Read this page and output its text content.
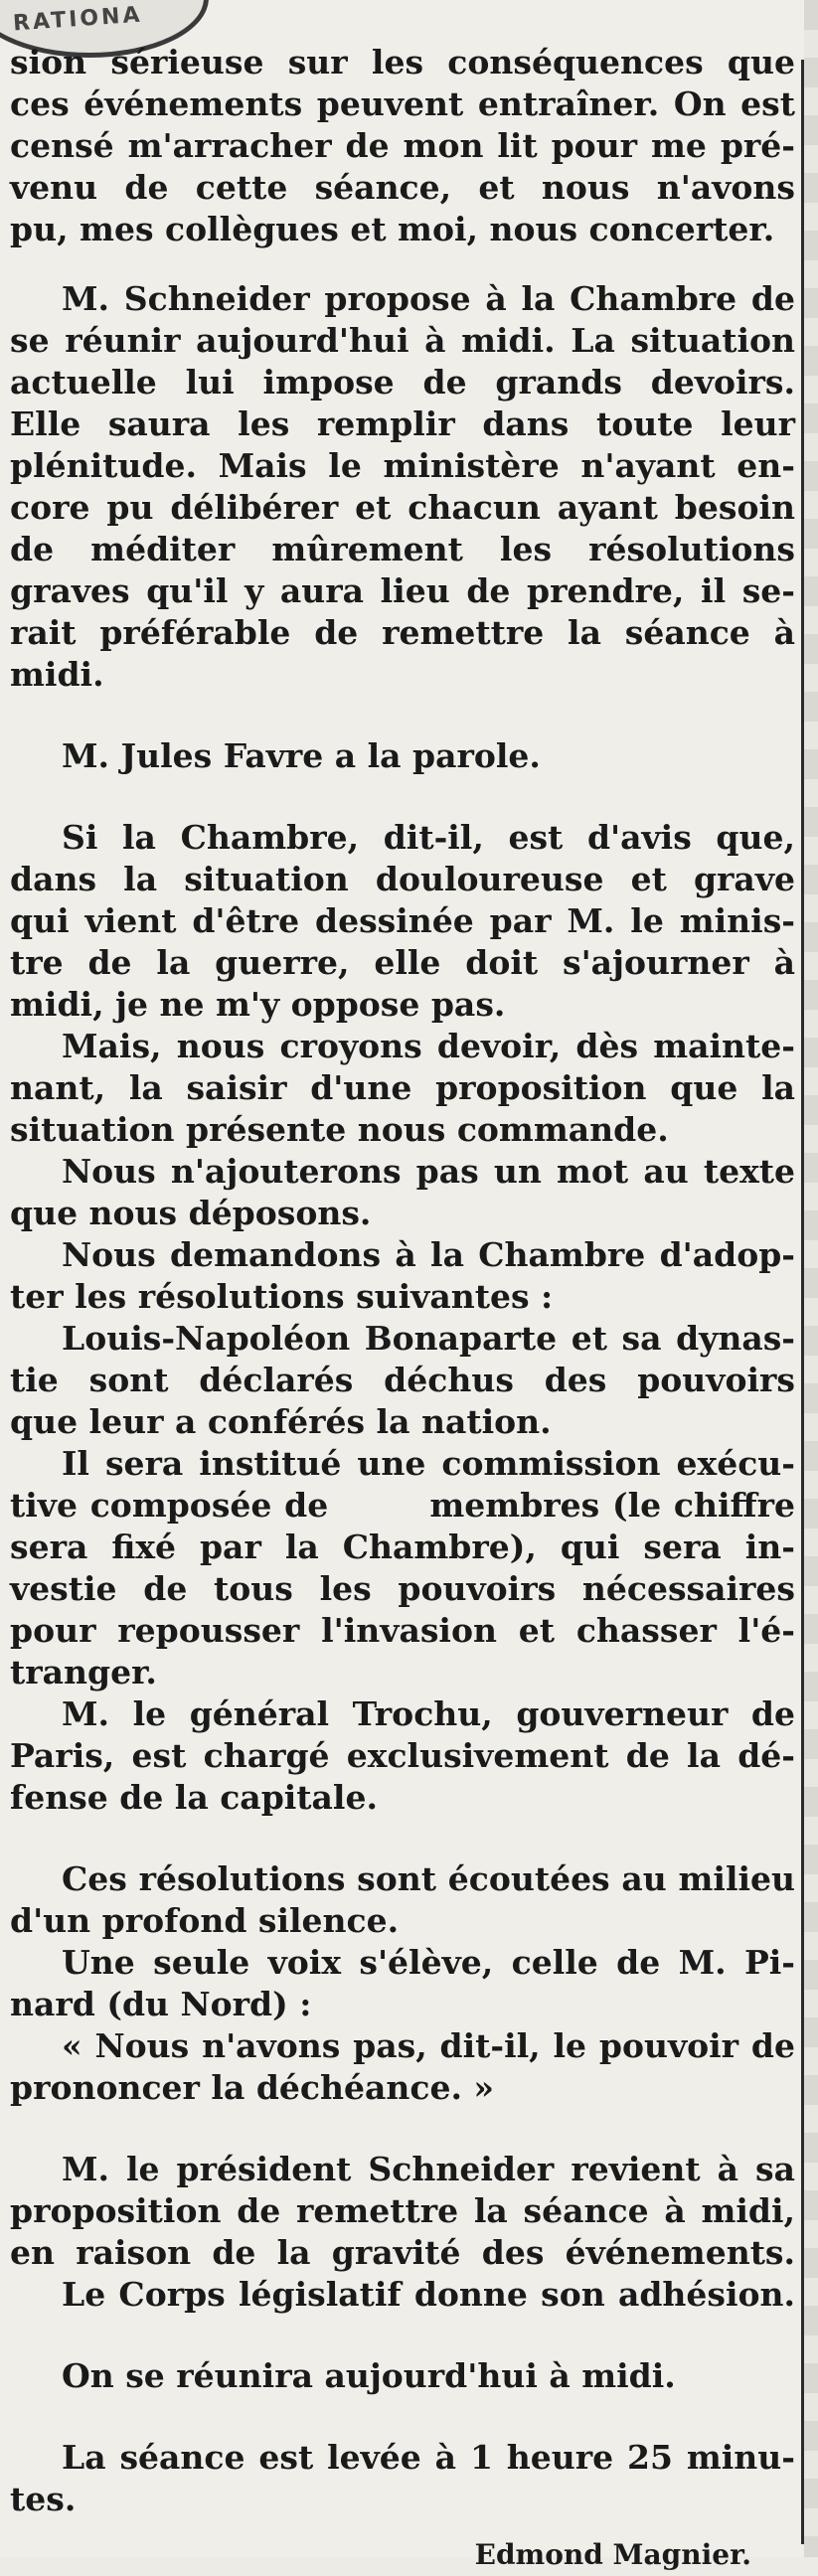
RATIONA
sion sérieuse sur les conséquences que
ces événements peuvent entraîner. On est
censé m'arracher de mon lit pour me pré-
venu de cette séance, et nous n'avons
pu, mes collègues et moi, nous concerter.
M. Schneider propose à la Chambre de
se réunir aujourd'hui à midi. La situation
actuelle lui impose de grands devoirs.
Elle saura les remplir dans toute leur
plénitude. Mais le ministère n'ayant en-
core pu délibérer et chacun ayant besoin
de méditer mûrement les résolutions
graves qu'il y aura lieu de prendre, il se-
rait préférable de remettre la séance à
midi.
M. Jules Favre a la parole.
Si la Chambre, dit-il, est d'avis que,
dans la situation douloureuse et grave
qui vient d'être dessinée par M. le minis-
tre de la guerre, elle doit s'ajourner à
midi, je ne m'y oppose pas.
Mais, nous croyons devoir, dès mainte-
nant, la saisir d'une proposition que la
situation présente nous commande.
Nous n'ajouterons pas un mot au texte
que nous déposons.
Nous demandons à la Chambre d'adop-
ter les résolutions suivantes :
Louis-Napoléon Bonaparte et sa dynas-
tie sont déclarés déchus des pouvoirs
que leur a conférés la nation.
Il sera institué une commission exécu-
tive composée de        membres (le chiffre
sera fixé par la Chambre), qui sera in-
vestie de tous les pouvoirs nécessaires
pour repousser l'invasion et chasser l'é-
tranger.
M. le général Trochu, gouverneur de
Paris, est chargé exclusivement de la dé-
fense de la capitale.
Ces résolutions sont écoutées au milieu
d'un profond silence.
Une seule voix s'élève, celle de M. Pi-
nard (du Nord) :
« Nous n'avons pas, dit-il, le pouvoir de
prononcer la déchéance. »
M. le président Schneider revient à sa
proposition de remettre la séance à midi,
en raison de la gravité des événements.
Le Corps législatif donne son adhésion.
On se réunira aujourd'hui à midi.
La séance est levée à 1 heure 25 minu-
tes.
Edmond Magnier.
